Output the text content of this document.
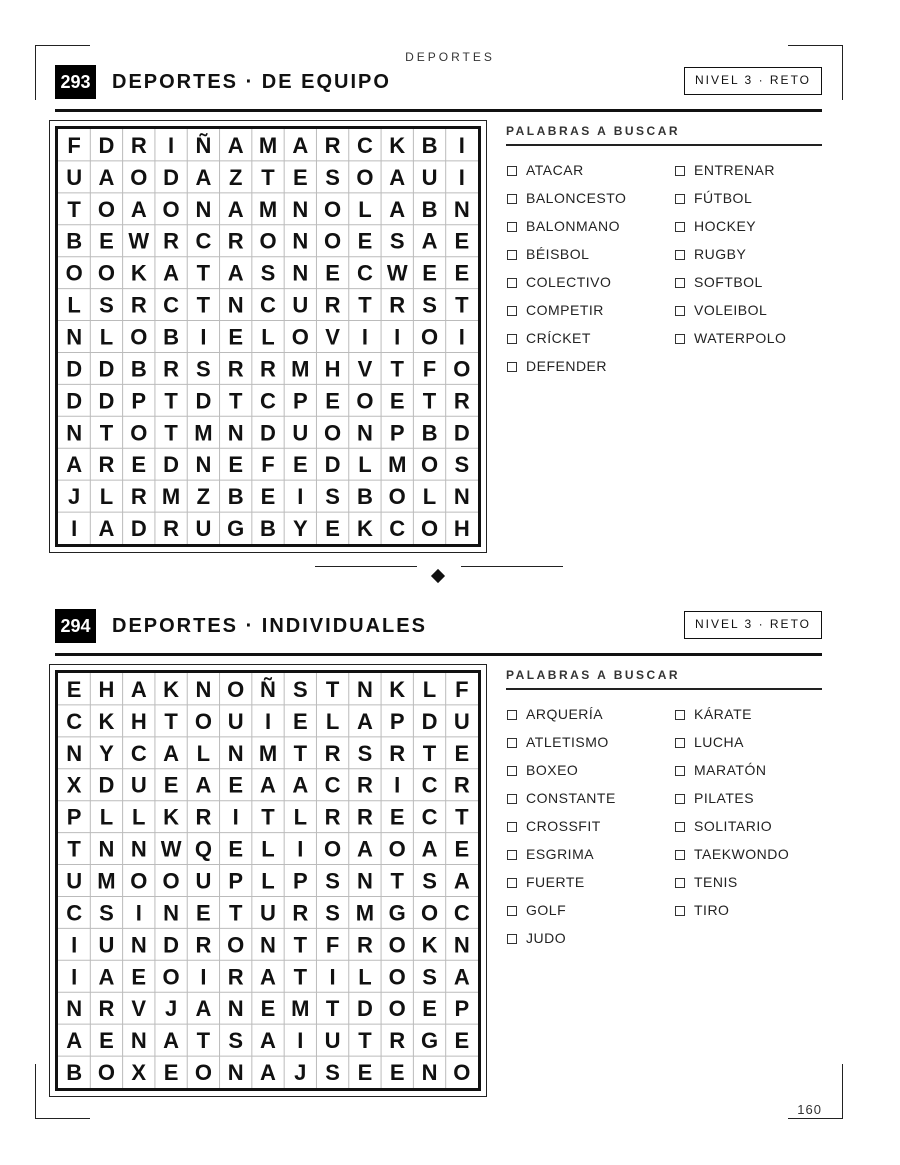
DEPORTES
293 DEPORTES · DE EQUIPO	NIVEL 3 · RETO
F D R I Ñ A M A R C K B I
U A O D A Z T E S O A U I
T O A O N A M N O L A B N
B E W R C R O N O E S A E
O O K A T A S N E C W E E
L S R C T N C U R T R S T
N L O B I E L O V I I O I
D D B R S R R M H V T F O
D D P T D T C P E O E T R
N T O T M N D U O N P B D
A R E D N E F E D L M O S
J L R M Z B E I S B O L N
I A D R U G B Y E K C O H
PALABRAS A BUSCAR
ATACAR
BALONCESTO
BALONMANO
BÉISBOL
COLECTIVO
COMPETIR
CRÍCKET
DEFENDER
ENTRENAR
FÚTBOL
HOCKEY
RUGBY
SOFTBOL
VOLEIBOL
WATERPOLO
294 DEPORTES · INDIVIDUALES	NIVEL 3 · RETO
E H A K N O Ñ S T N K L F
C K H T O U I E L A P D U
N Y C A L N M T R S R T E
X D U E A E A A C R I C R
P L L K R I T L R R E C T
T N N W Q E L I O A O A E
U M O O U P L P S N T S A
C S I N E T U R S M G O C
I U N D R O N T F R O K N
I A E O I R A T I L O S A
N R V J A N E M T D O E P
A E N A T S A I U T R G E
B O X E O N A J S E E N O
PALABRAS A BUSCAR
ARQUERÍA
ATLETISMO
BOXEO
CONSTANTE
CROSSFIT
ESGRIMA
FUERTE
GOLF
JUDO
KÁRATE
LUCHA
MARATÓN
PILATES
SOLITARIO
TAEKWONDO
TENIS
TIRO
160
